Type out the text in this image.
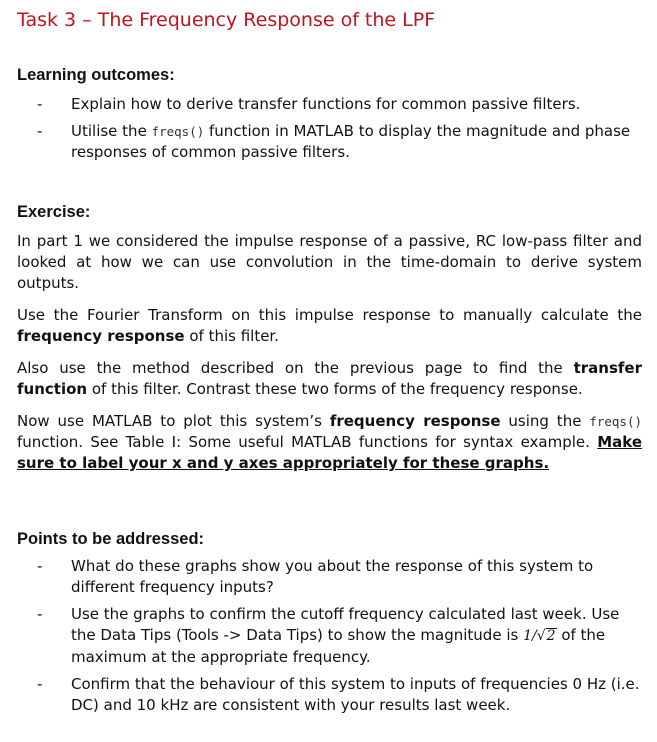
Task 3 – The Frequency Response of the LPF
Learning outcomes:
- Explain how to derive transfer functions for common passive filters.
- Utilise the freqs() function in MATLAB to display the magnitude and phase responses of common passive filters.
Exercise:

In part 1 we considered the impulse response of a passive, RC low-pass filter and looked at how we can use convolution in the time-domain to derive system outputs.

Use the Fourier Transform on this impulse response to manually calculate the frequency response of this filter.

Also use the method described on the previous page to find the transfer function of this filter. Contrast these two forms of the frequency response.

Now use MATLAB to plot this system’s frequency response using the freqs() function. See Table I: Some useful MATLAB functions for syntax example. Make sure to label your x and y axes appropriately for these graphs.

Points to be addressed:
- What do these graphs show you about the response of this system to different frequency inputs?
- Use the graphs to confirm the cutoff frequency calculated last week. Use the Data Tips (Tools -> Data Tips) to show the magnitude is 1/√2 of the maximum at the appropriate frequency.
- Confirm that the behaviour of this system to inputs of frequencies 0 Hz (i.e. DC) and 10 kHz are consistent with your results last week.
